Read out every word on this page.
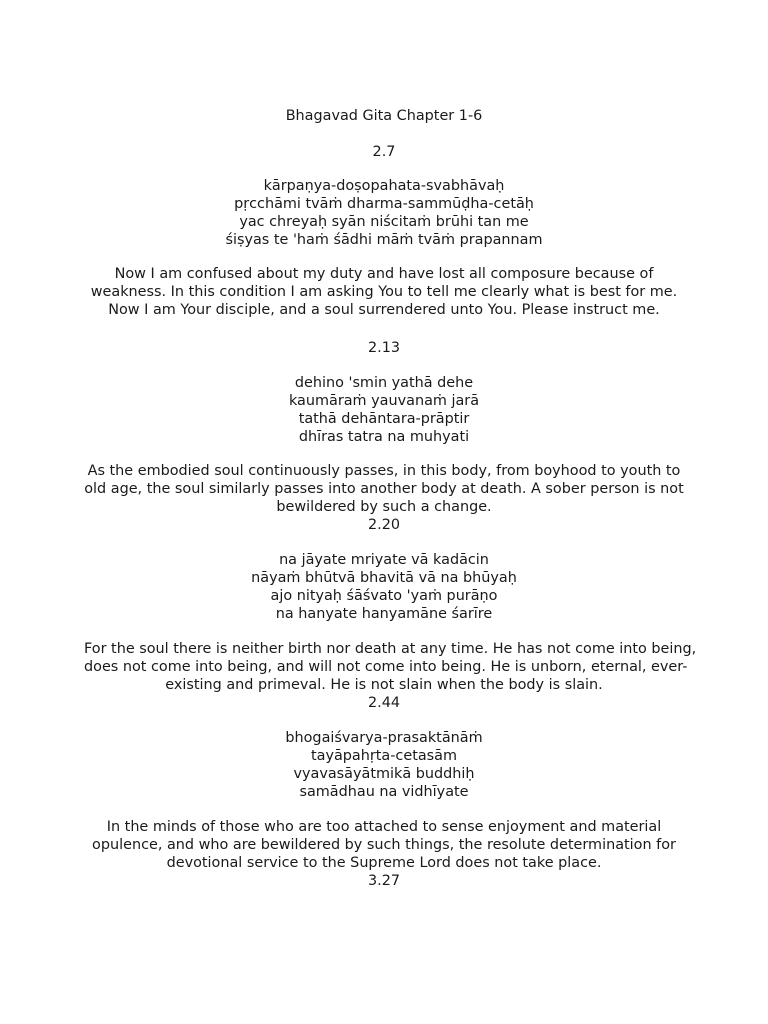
Bhagavad Gita Chapter 1-6

2.7

kārpaṇya-doṣopahata-svabhāvaḥ
pṛcchāmi tvāṁ dharma-sammūḍha-cetāḥ
yac chreyaḥ syān niścitaṁ brūhi tan me
śiṣyas te 'haṁ śādhi māṁ tvāṁ prapannam

Now I am confused about my duty and have lost all composure because of
weakness. In this condition I am asking You to tell me clearly what is best for me.
Now I am Your disciple, and a soul surrendered unto You. Please instruct me.

2.13

dehino 'smin yathā dehe
kaumāraṁ yauvanaṁ jarā
tathā dehāntara-prāptir
dhīras tatra na muhyati

As the embodied soul continuously passes, in this body, from boyhood to youth to
old age, the soul similarly passes into another body at death. A sober person is not
bewildered by such a change.

2.20

na jāyate mriyate vā kadācin
nāyaṁ bhūtvā bhavitā vā na bhūyaḥ
ajo nityaḥ śāśvato 'yaṁ purāṇo
na hanyate hanyamāne śarīre

For the soul there is neither birth nor death at any time. He has not come into being,
does not come into being, and will not come into being. He is unborn, eternal, ever-
existing and primeval. He is not slain when the body is slain.

2.44

bhogaiśvarya-prasaktānāṁ
tayāpahṛta-cetasām
vyavasāyātmikā buddhiḥ
samādhau na vidhīyate

In the minds of those who are too attached to sense enjoyment and material
opulence, and who are bewildered by such things, the resolute determination for
devotional service to the Supreme Lord does not take place.

3.27
